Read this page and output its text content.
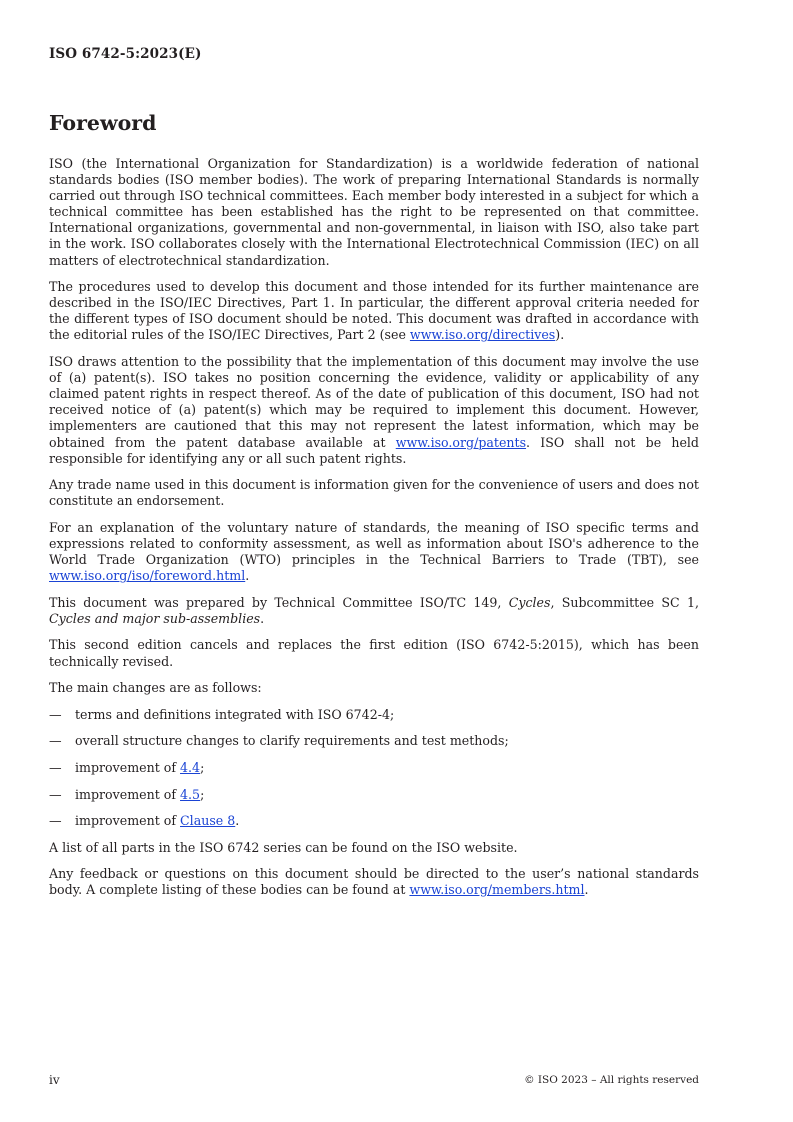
ISO 6742-5:2023(E)
Foreword

ISO (the International Organization for Standardization) is a worldwide federation of national standards bodies (ISO member bodies). The work of preparing International Standards is normally carried out through ISO technical committees. Each member body interested in a subject for which a technical committee has been established has the right to be represented on that committee. International organizations, governmental and non-governmental, in liaison with ISO, also take part in the work. ISO collaborates closely with the International Electrotechnical Commission (IEC) on all matters of electrotechnical standardization.

The procedures used to develop this document and those intended for its further maintenance are described in the ISO/IEC Directives, Part 1. In particular, the different approval criteria needed for the different types of ISO document should be noted. This document was drafted in accordance with the editorial rules of the ISO/IEC Directives, Part 2 (see www.iso.org/directives).

ISO draws attention to the possibility that the implementation of this document may involve the use of (a) patent(s). ISO takes no position concerning the evidence, validity or applicability of any claimed patent rights in respect thereof. As of the date of publication of this document, ISO had not received notice of (a) patent(s) which may be required to implement this document. However, implementers are cautioned that this may not represent the latest information, which may be obtained from the patent database available at www.iso.org/patents. ISO shall not be held responsible for identifying any or all such patent rights.

Any trade name used in this document is information given for the convenience of users and does not constitute an endorsement.

For an explanation of the voluntary nature of standards, the meaning of ISO specific terms and expressions related to conformity assessment, as well as information about ISO's adherence to the World Trade Organization (WTO) principles in the Technical Barriers to Trade (TBT), see www.iso.org/iso/foreword.html.

This document was prepared by Technical Committee ISO/TC 149, Cycles, Subcommittee SC 1, Cycles and major sub-assemblies.

This second edition cancels and replaces the first edition (ISO 6742-5:2015), which has been technically revised.

The main changes are as follows:

— terms and definitions integrated with ISO 6742-4;
— overall structure changes to clarify requirements and test methods;
— improvement of 4.4;
— improvement of 4.5;
— improvement of Clause 8.

A list of all parts in the ISO 6742 series can be found on the ISO website.

Any feedback or questions on this document should be directed to the user’s national standards body. A complete listing of these bodies can be found at www.iso.org/members.html.

iv	© ISO 2023 – All rights reserved
